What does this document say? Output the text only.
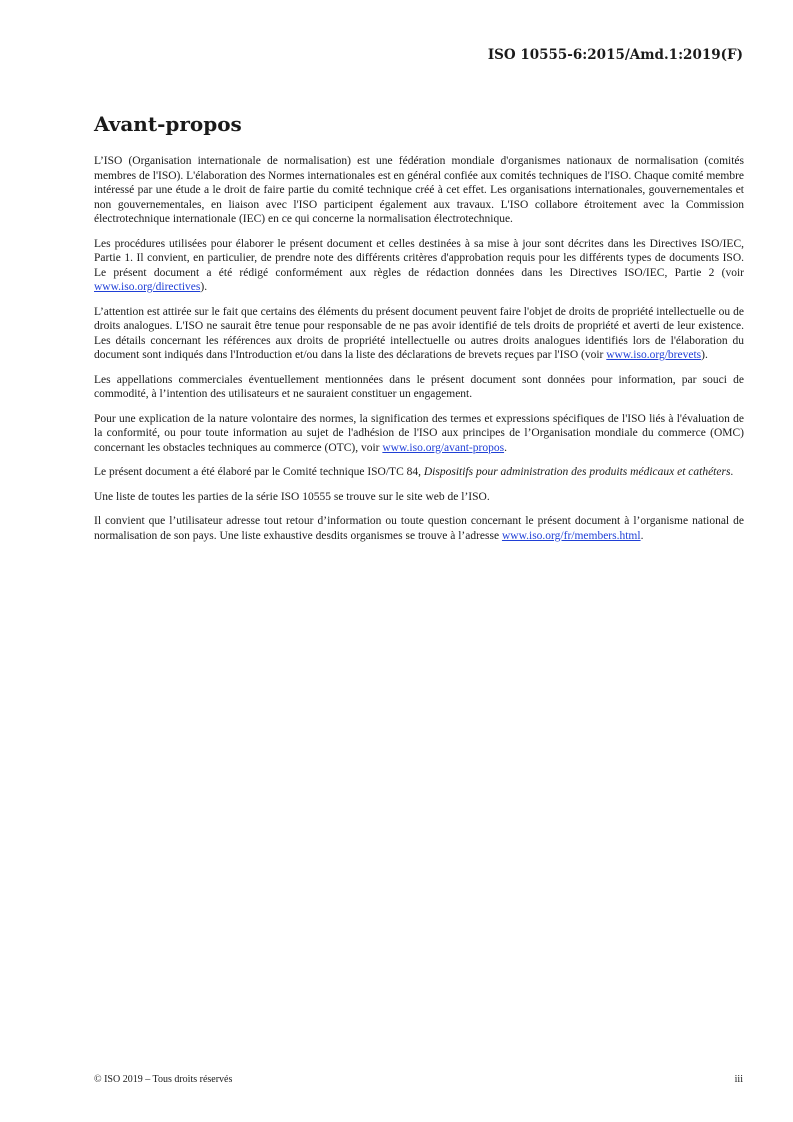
ISO 10555-6:2015/Amd.1:2019(F)
Avant-propos

L’ISO (Organisation internationale de normalisation) est une fédération mondiale d'organismes nationaux de normalisation (comités membres de l'ISO). L'élaboration des Normes internationales est en général confiée aux comités techniques de l'ISO. Chaque comité membre intéressé par une étude a le droit de faire partie du comité technique créé à cet effet. Les organisations internationales, gouvernementales et non gouvernementales, en liaison avec l'ISO participent également aux travaux. L'ISO collabore étroitement avec la Commission électrotechnique internationale (IEC) en ce qui concerne la normalisation électrotechnique.

Les procédures utilisées pour élaborer le présent document et celles destinées à sa mise à jour sont décrites dans les Directives ISO/IEC, Partie 1. Il convient, en particulier, de prendre note des différents critères d'approbation requis pour les différents types de documents ISO. Le présent document a été rédigé conformément aux règles de rédaction données dans les Directives ISO/IEC, Partie 2 (voir www.iso.org/directives).

L’attention est attirée sur le fait que certains des éléments du présent document peuvent faire l'objet de droits de propriété intellectuelle ou de droits analogues. L'ISO ne saurait être tenue pour responsable de ne pas avoir identifié de tels droits de propriété et averti de leur existence. Les détails concernant les références aux droits de propriété intellectuelle ou autres droits analogues identifiés lors de l'élaboration du document sont indiqués dans l'Introduction et/ou dans la liste des déclarations de brevets reçues par l'ISO (voir www.iso.org/brevets).

Les appellations commerciales éventuellement mentionnées dans le présent document sont données pour information, par souci de commodité, à l’intention des utilisateurs et ne sauraient constituer un engagement.

Pour une explication de la nature volontaire des normes, la signification des termes et expressions spécifiques de l'ISO liés à l'évaluation de la conformité, ou pour toute information au sujet de l'adhésion de l'ISO aux principes de l’Organisation mondiale du commerce (OMC) concernant les obstacles techniques au commerce (OTC), voir www.iso.org/avant-propos.

Le présent document a été élaboré par le Comité technique ISO/TC 84, Dispositifs pour administration des produits médicaux et cathéters.

Une liste de toutes les parties de la série ISO 10555 se trouve sur le site web de l’ISO.

Il convient que l’utilisateur adresse tout retour d’information ou toute question concernant le présent document à l’organisme national de normalisation de son pays. Une liste exhaustive desdits organismes se trouve à l’adresse www.iso.org/fr/members.html.

© ISO 2019 – Tous droits réservés	iii
